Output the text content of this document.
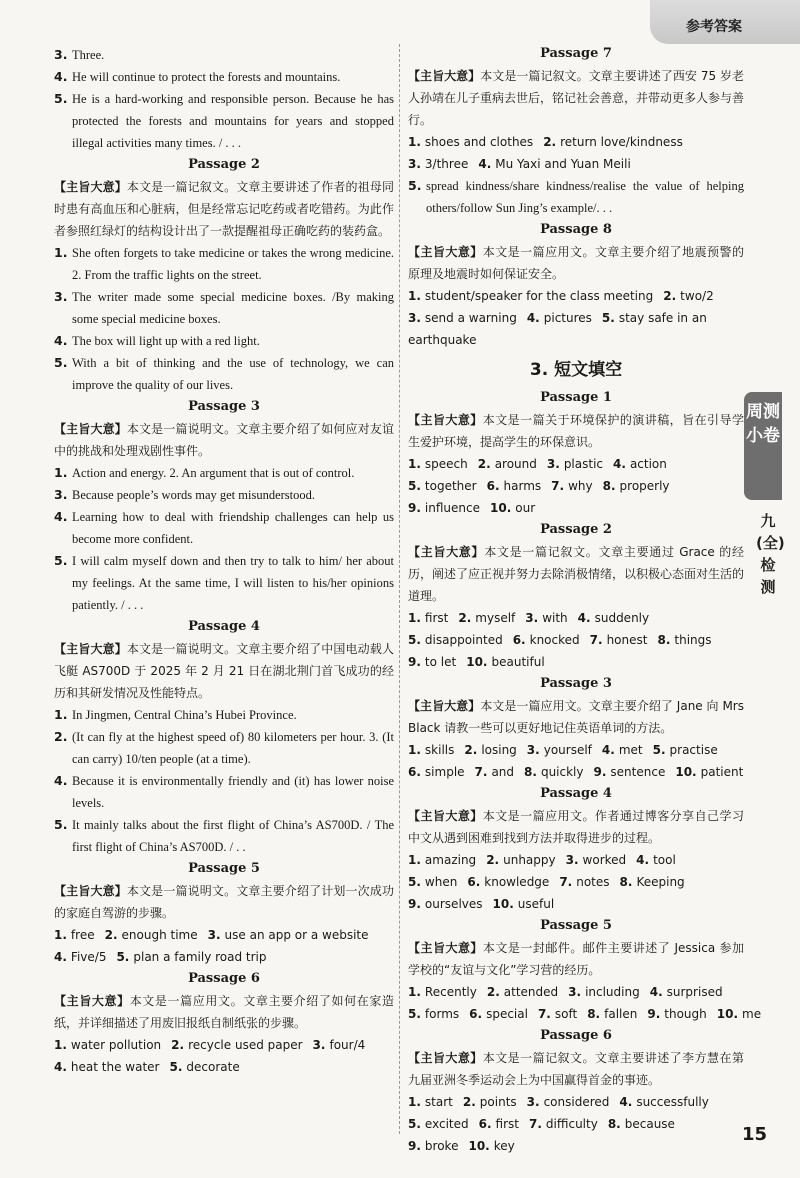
参考答案
3. Three.
4. He will continue to protect the forests and mountains.
5. He is a hard-working and responsible person. Because he has protected the forests and mountains for years and stopped illegal activities many times. / . . .
Passage 2
【主旨大意】本文是一篇记叙文。文章主要讲述了作者的祖母同时患有高血压和心脏病，但是经常忘记吃药或者吃错药。为此作者参照红绿灯的结构设计出了一款提醒祖母正确吃药的装药盒。
1. She often forgets to take medicine or takes the wrong medicine. 2. From the traffic lights on the street.
3. The writer made some special medicine boxes. /By making some special medicine boxes.
4. The box will light up with a red light.
5. With a bit of thinking and the use of technology, we can improve the quality of our lives.
Passage 3
【主旨大意】本文是一篇说明文。文章主要介绍了如何应对友谊中的挑战和处理戏剧性事件。
1. Action and energy. 2. An argument that is out of control.
3. Because people’s words may get misunderstood.
4. Learning how to deal with friendship challenges can help us become more confident.
5. I will calm myself down and then try to talk to him/ her about my feelings. At the same time, I will listen to his/her opinions patiently. / . . .
Passage 4
【主旨大意】本文是一篇说明文。文章主要介绍了中国电动载人飞艇 AS700D 于 2025 年 2 月 21 日在湖北荆门首飞成功的经历和其研发情况及性能特点。
1. In Jingmen, Central China’s Hubei Province.
2. (It can fly at the highest speed of) 80 kilometers per hour. 3. (It can carry) 10/ten people (at a time).
4. Because it is environmentally friendly and (it) has lower noise levels.
5. It mainly talks about the first flight of China’s AS700D. / The first flight of China’s AS700D. / . .
Passage 5
【主旨大意】本文是一篇说明文。文章主要介绍了计划一次成功的家庭自驾游的步骤。
1. free 2. enough time 3. use an app or a website
4. Five/5 5. plan a family road trip
Passage 6
【主旨大意】本文是一篇应用文。文章主要介绍了如何在家造纸，并详细描述了用废旧报纸自制纸张的步骤。
1. water pollution 2. recycle used paper 3. four/4
4. heat the water 5. decorate
Passage 7
【主旨大意】本文是一篇记叙文。文章主要讲述了西安 75 岁老人孙靖在儿子重病去世后，铭记社会善意，并带动更多人参与善行。
1. shoes and clothes 2. return love/kindness
3. 3/three 4. Mu Yaxi and Yuan Meili
5. spread kindness/share kindness/realise the value of helping others/follow Sun Jing’s example/. . .
Passage 8
【主旨大意】本文是一篇应用文。文章主要介绍了地震预警的原理及地震时如何保证安全。
1. student/speaker for the class meeting 2. two/2
3. send a warning 4. pictures 5. stay safe in an earthquake
3. 短文填空
Passage 1
【主旨大意】本文是一篇关于环境保护的演讲稿，旨在引导学生爱护环境，提高学生的环保意识。
1. speech 2. around 3. plastic 4. action
5. together 6. harms 7. why 8. properly
9. influence 10. our
Passage 2
【主旨大意】本文是一篇记叙文。文章主要通过 Grace 的经历，阐述了应正视并努力去除消极情绪，以积极心态面对生活的道理。
1. first 2. myself 3. with 4. suddenly
5. disappointed 6. knocked 7. honest 8. things
9. to let 10. beautiful
Passage 3
【主旨大意】本文是一篇应用文。文章主要介绍了 Jane 向 Mrs Black 请教一些可以更好地记住英语单词的方法。
1. skills 2. losing 3. yourself 4. met 5. practise
6. simple 7. and 8. quickly 9. sentence 10. patient
Passage 4
【主旨大意】本文是一篇应用文。作者通过博客分享自己学习中文从遇到困难到找到方法并取得进步的过程。
1. amazing 2. unhappy 3. worked 4. tool
5. when 6. knowledge 7. notes 8. Keeping
9. ourselves 10. useful
Passage 5
【主旨大意】本文是一封邮件。邮件主要讲述了 Jessica 参加学校的“友谊与文化”学习营的经历。
1. Recently 2. attended 3. including 4. surprised
5. forms 6. special 7. soft 8. fallen 9. though 10. me
Passage 6
【主旨大意】本文是一篇记叙文。文章主要讲述了李方慧在第九届亚洲冬季运动会上为中国赢得首金的事迹。
1. start 2. points 3. considered 4. successfully
5. excited 6. first 7. difficulty 8. because
9. broke 10. key
周测小卷
九(全)检测
15
